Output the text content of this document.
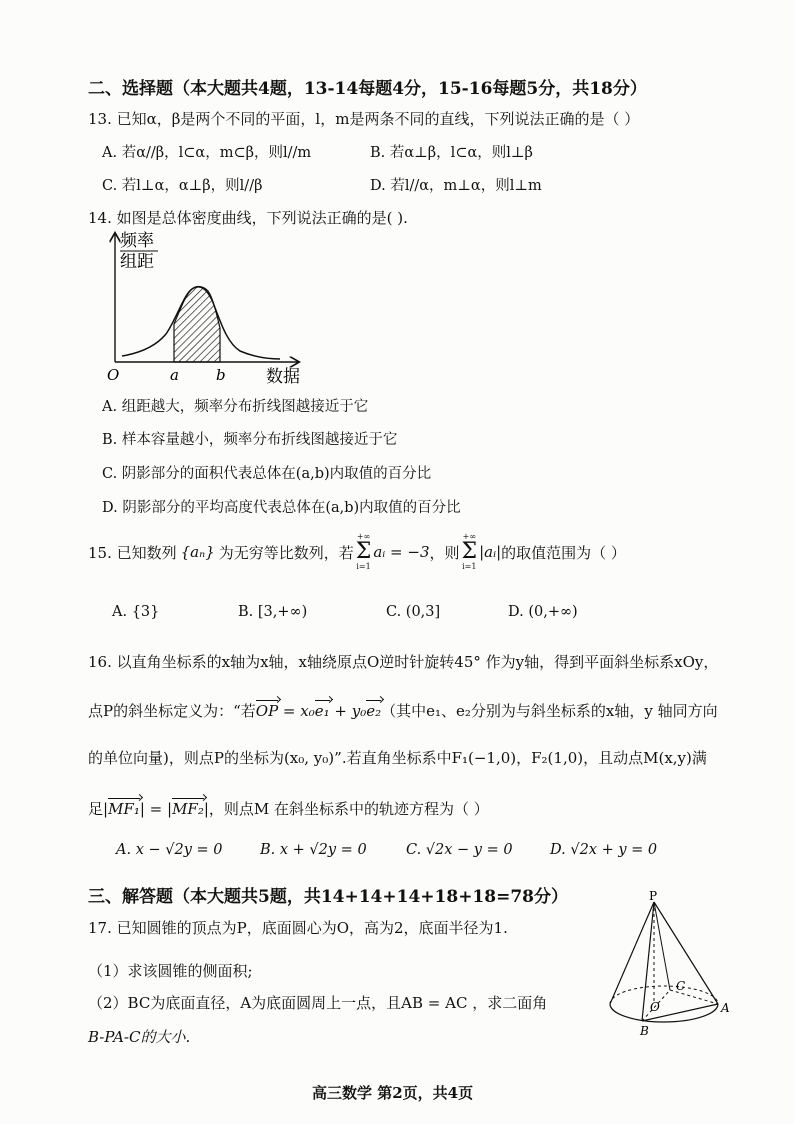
二、选择题（本大题共4题，13-14每题4分，15-16每题5分，共18分）
13. 已知α，β是两个不同的平面，l，m是两条不同的直线，下列说法正确的是（ ）
A. 若α//β，l⊂α，m⊂β，则l//m	B. 若α⊥β，l⊂α，则l⊥β
C. 若l⊥α，α⊥β，则l//β	D. 若l//α，m⊥α，则l⊥m
14. 如图是总体密度曲线，下列说法正确的是( ).
频率
组距
O	a b 数据
A. 组距越大，频率分布折线图越接近于它
B. 样本容量越小，频率分布折线图越接近于它
C. 阴影部分的面积代表总体在(a,b)内取值的百分比
D. 阴影部分的平均高度代表总体在(a,b)内取值的百分比
15. 已知数列 {aₙ} 为无穷等比数列，若
+∞
Σ
i=1
aᵢ = −3 ，则
+∞
Σ
i=1
|aᵢ| 的取值范围为（ ）
A. {3}	B. [3,+∞)	C. (0,3]	D. (0,+∞)
16. 以直角坐标系的x轴为x轴，x轴绕原点O逆时针旋转45° 作为y轴，得到平面斜坐标系xOy，
点P的斜坐标定义为：“若OP = x₀e₁ + y₀e₂（其中e₁、e₂分别为与斜坐标系的x轴，y 轴同方向
的单位向量)，则点P的坐标为(x₀, y₀)”.若直角坐标系中F₁(−1,0)，F₂(1,0)，且动点M(x,y)满
足|MF₁| = |MF₂|，则点M 在斜坐标系中的轨迹方程为（ ）
A. x − √2y = 0	B. x + √2y = 0	C. √2x − y = 0	D. √2x + y = 0
三、解答题（本大题共5题，共14+14+14+18+18=78分）
17. 已知圆锥的顶点为P，底面圆心为O，高为2，底面半径为1.
（1）求该圆锥的侧面积;
（2）BC为底面直径，A为底面圆周上一点，且AB = AC ，求二面角
B-PA-C的大小.
P
C
O	A
B
高三数学 第2页，共4页
